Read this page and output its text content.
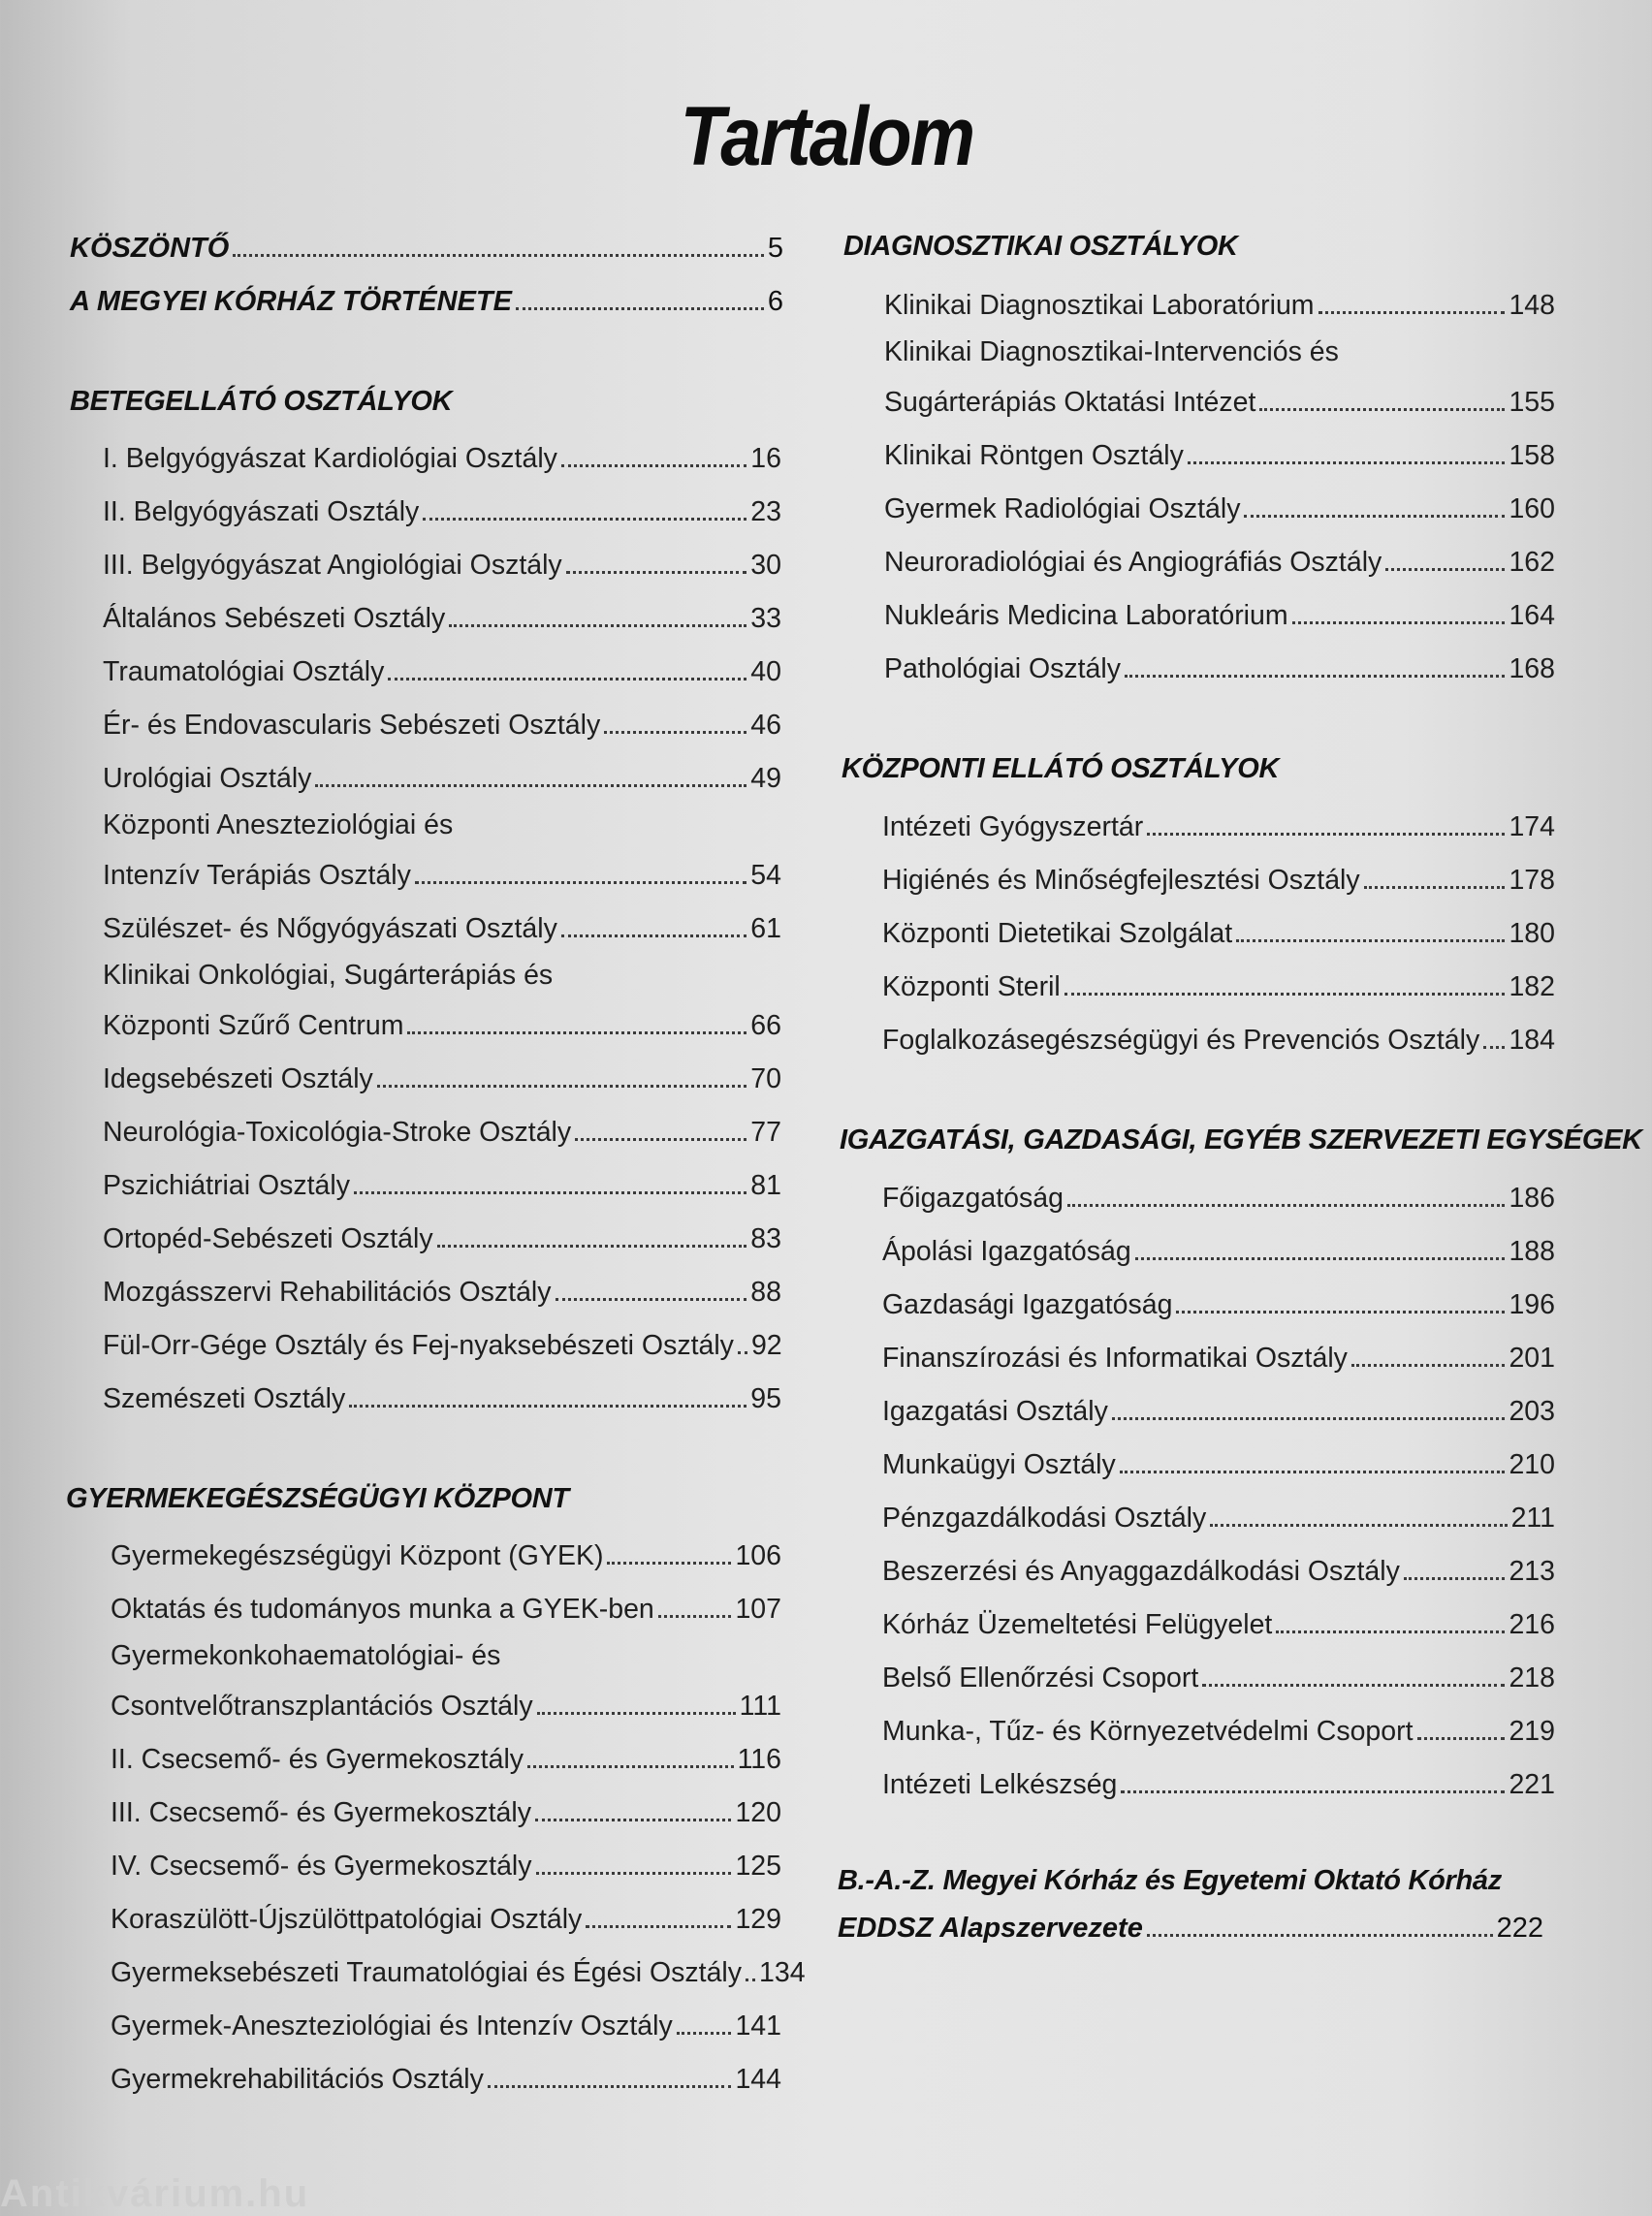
Tartalom
KÖSZÖNTŐ	5
A MEGYEI KÓRHÁZ TÖRTÉNETE	6
BETEGELLÁTÓ OSZTÁLYOK
I. Belgyógyászat Kardiológiai Osztály	16
II. Belgyógyászati Osztály	23
III. Belgyógyászat Angiológiai Osztály	30
Általános Sebészeti Osztály	33
Traumatológiai Osztály	40
Ér- és Endovascularis Sebészeti Osztály	46
Urológiai Osztály	49
Központi Aneszteziológiai és
Intenzív Terápiás Osztály	54
Szülészet- és Nőgyógyászati Osztály	61
Klinikai Onkológiai, Sugárterápiás és
Központi Szűrő Centrum	66
Idegsebészeti Osztály	70
Neurológia-Toxicológia-Stroke Osztály	77
Pszichiátriai Osztály	81
Ortopéd-Sebészeti Osztály	83
Mozgásszervi Rehabilitációs Osztály	88
Fül-Orr-Gége Osztály és Fej-nyaksebészeti Osztály 92
Szemészeti Osztály	95
GYERMEKEGÉSZSÉGÜGYI KÖZPONT
Gyermekegészségügyi Központ (GYEK)	106
Oktatás és tudományos munka a GYEK-ben	107
Gyermekonkohaematológiai- és
Csontvelőtranszplantációs Osztály	111
II. Csecsemő- és Gyermekosztály	116
III. Csecsemő- és Gyermekosztály	120
IV. Csecsemő- és Gyermekosztály	125
Koraszülött-Újszülöttpatológiai Osztály	129
Gyermeksebészeti Traumatológiai és Égési Osztály 134
Gyermek-Aneszteziológiai és Intenzív Osztály 141
Gyermekrehabilitációs Osztály	144
DIAGNOSZTIKAI OSZTÁLYOK
Klinikai Diagnosztikai Laboratórium	148
Klinikai Diagnosztikai-Intervenciós és
Sugárterápiás Oktatási Intézet	155
Klinikai Röntgen Osztály	158
Gyermek Radiológiai Osztály	160
Neuroradiológiai és Angiográfiás Osztály	162
Nukleáris Medicina Laboratórium	164
Pathológiai Osztály	168
KÖZPONTI ELLÁTÓ OSZTÁLYOK
Intézeti Gyógyszertár	174
Higiénés és Minőségfejlesztési Osztály	178
Központi Dietetikai Szolgálat	180
Központi Steril	182
Foglalkozásegészségügyi és Prevenciós Osztály 184
IGAZGATÁSI, GAZDASÁGI, EGYÉB SZERVEZETI EGYSÉGEK
Főigazgatóság	186
Ápolási Igazgatóság	188
Gazdasági Igazgatóság	196
Finanszírozási és Informatikai Osztály	201
Igazgatási Osztály	203
Munkaügyi Osztály	210
Pénzgazdálkodási Osztály	211
Beszerzési és Anyaggazdálkodási Osztály	213
Kórház Üzemeltetési Felügyelet	216
Belső Ellenőrzési Csoport	218
Munka-, Tűz- és Környezetvédelmi Csoport	219
Intézeti Lelkészség	221
B.-A.-Z. Megyei Kórház és Egyetemi Oktató Kórház
EDDSZ Alapszervezete	222
Antikvárium.hu
